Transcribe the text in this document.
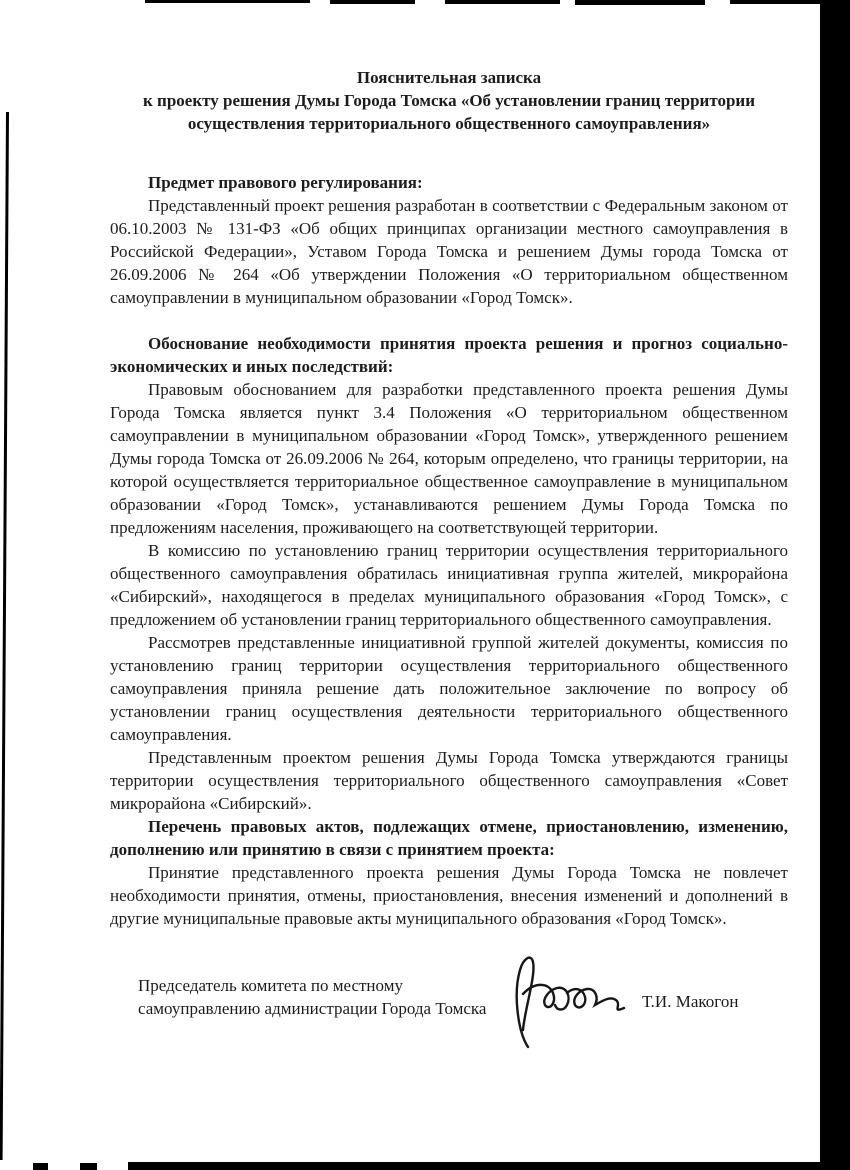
Пояснительная записка
к проекту решения Думы Города Томска «Об установлении границ территории
осуществления территориального общественного самоуправления»

Предмет правового регулирования:

Представленный проект решения разработан в соответствии с Федеральным законом от 06.10.2003 № 131-ФЗ «Об общих принципах организации местного самоуправления в Российской Федерации», Уставом Города Томска и решением Думы города Томска от 26.09.2006 № 264 «Об утверждении Положения «О территориальном общественном самоуправлении в муниципальном образовании «Город Томск».

Обоснование необходимости принятия проекта решения и прогноз социально-экономических и иных последствий:

Правовым обоснованием для разработки представленного проекта решения Думы Города Томска является пункт 3.4 Положения «О территориальном общественном самоуправлении в муниципальном образовании «Город Томск», утвержденного решением Думы города Томска от 26.09.2006 № 264, которым определено, что границы территории, на которой осуществляется территориальное общественное самоуправление в муниципальном образовании «Город Томск», устанавливаются решением Думы Города Томска по предложениям населения, проживающего на соответствующей территории.

В комиссию по установлению границ территории осуществления территориального общественного самоуправления обратилась инициативная группа жителей, микрорайона «Сибирский», находящегося в пределах муниципального образования «Город Томск», с предложением об установлении границ территориального общественного самоуправления.

Рассмотрев представленные инициативной группой жителей документы, комиссия по установлению границ территории осуществления территориального общественного самоуправления приняла решение дать положительное заключение по вопросу об установлении границ осуществления деятельности территориального общественного самоуправления.

Представленным проектом решения Думы Города Томска утверждаются границы территории осуществления территориального общественного самоуправления «Совет микрорайона «Сибирский».

Перечень правовых актов, подлежащих отмене, приостановлению, изменению, дополнению или принятию в связи с принятием проекта:

Принятие представленного проекта решения Думы Города Томска не повлечет необходимости принятия, отмены, приостановления, внесения изменений и дополнений в другие муниципальные правовые акты муниципального образования «Город Томск».

Председатель комитета по местному
самоуправлению администрации Города Томска	Т.И. Макогон
